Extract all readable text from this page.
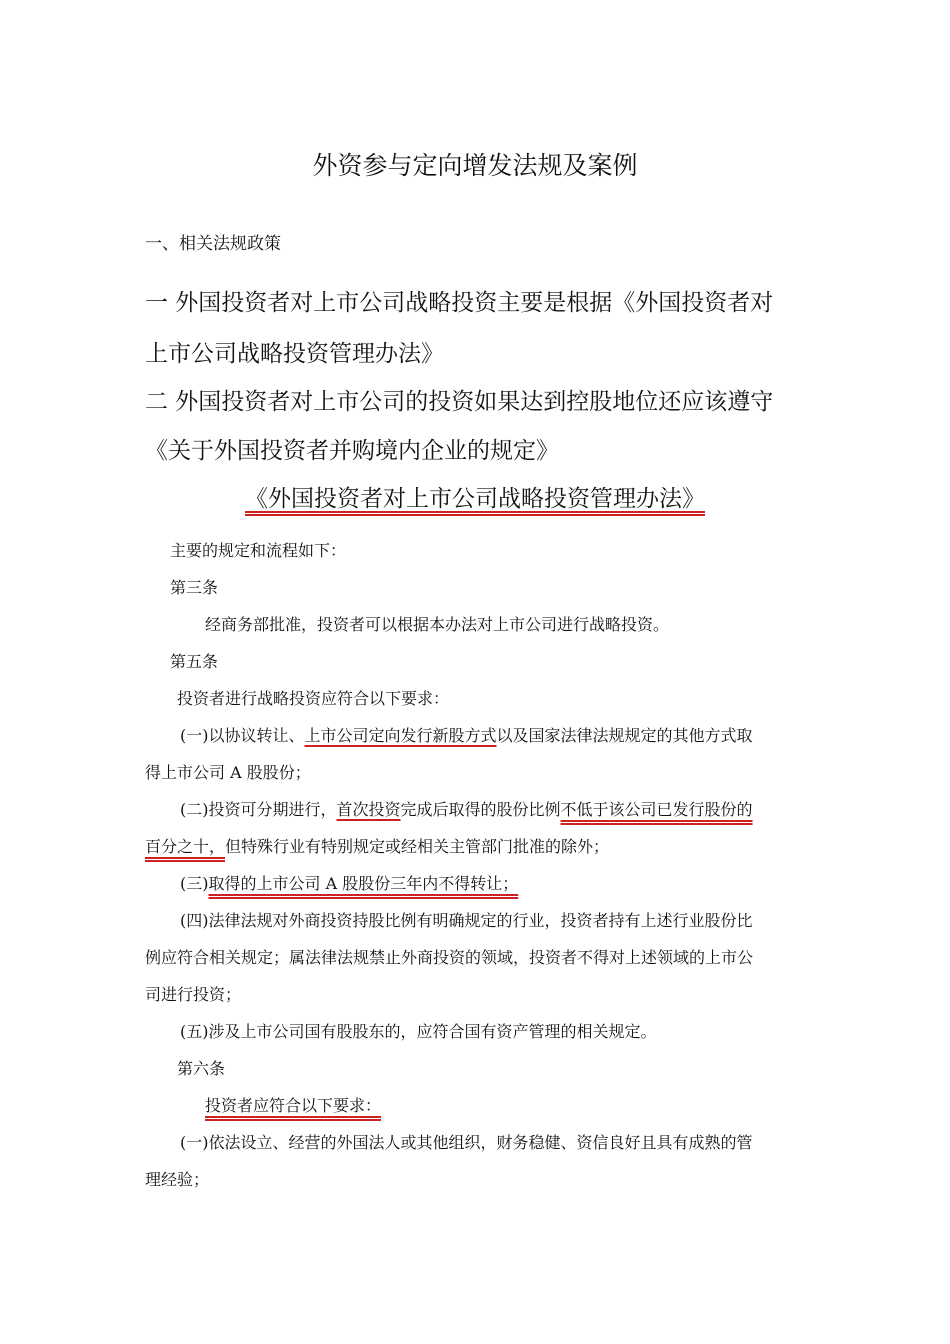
外资参与定向增发法规及案例
一、相关法规政策
一 外国投资者对上市公司战略投资主要是根据《外国投资者对
上市公司战略投资管理办法》
二 外国投资者对上市公司的投资如果达到控股地位还应该遵守
《关于外国投资者并购境内企业的规定》
《外国投资者对上市公司战略投资管理办法》
主要的规定和流程如下：
第三条
经商务部批准，投资者可以根据本办法对上市公司进行战略投资。
第五条
投资者进行战略投资应符合以下要求：
(一)以协议转让、上市公司定向发行新股方式以及国家法律法规规定的其他方式取
得上市公司 A 股股份；
(二)投资可分期进行，首次投资完成后取得的股份比例不低于该公司已发行股份的
百分之十，但特殊行业有特别规定或经相关主管部门批准的除外；
(三)取得的上市公司 A 股股份三年内不得转让；
(四)法律法规对外商投资持股比例有明确规定的行业，投资者持有上述行业股份比
例应符合相关规定；属法律法规禁止外商投资的领域，投资者不得对上述领域的上市公
司进行投资；
(五)涉及上市公司国有股股东的，应符合国有资产管理的相关规定。
第六条
投资者应符合以下要求：
(一)依法设立、经营的外国法人或其他组织，财务稳健、资信良好且具有成熟的管
理经验；
